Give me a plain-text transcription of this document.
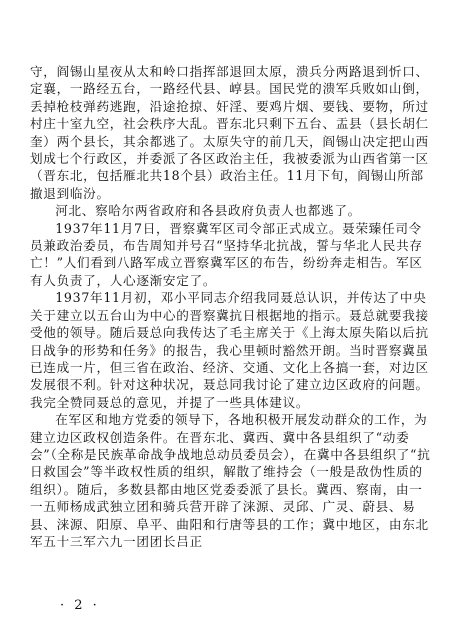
守，阎锡山星夜从太和岭口指挥部退回太原，溃兵分两路退到忻口、定襄，一路经五台，一路经代县、崞县。国民党的溃军兵败如山倒，丢掉枪枝弹药逃跑，沿途抢掠、奸淫、要鸡片烟、要钱、要物，所过村庄十室九空，社会秩序大乱。晋东北只剩下五台、盂县（县长胡仁奎）两个县长，其余都逃了。太原失守的前几天，阎锡山决定把山西划成七个行政区，并委派了各区政治主任，我被委派为山西省第一区（晋东北，包括雁北共18个县）政治主任。11月下旬，阎锡山所部撤退到临汾。

河北、察哈尔两省政府和各县政府负责人也都逃了。

1937年11月7日，晋察冀军区司令部正式成立。聂荣臻任司令员兼政治委员，布告周知并号召“坚持华北抗战，誓与华北人民共存亡！”人们看到八路军成立晋察冀军区的布告，纷纷奔走相告。军区有人负责了，人心逐渐安定了。

1937年11月初，邓小平同志介绍我同聂总认识，并传达了中央关于建立以五台山为中心的晋察冀抗日根据地的指示。聂总就要我接受他的领导。随后聂总向我传达了毛主席关于《上海太原失陷以后抗日战争的形势和任务》的报告，我心里顿时豁然开朗。当时晋察冀虽已连成一片，但三省在政治、经济、交通、文化上各搞一套，对边区发展很不利。针对这种状况，聂总同我讨论了建立边区政府的问题。我完全赞同聂总的意见，并提了一些具体建议。

在军区和地方党委的领导下，各地积极开展发动群众的工作，为建立边区政权创造条件。在晋东北、冀西、冀中各县组织了“动委会”（全称是民族革命战争战地总动员委员会），在冀中各县组织了“抗日救国会”等半政权性质的组织，解散了维持会（一般是敌伪性质的组织）。随后，多数县都由地区党委委派了县长。冀西、察南，由一一五师杨成武独立团和骑兵营开辟了涞源、灵邱、广灵、蔚县、易县、涞源、阳原、阜平、曲阳和行唐等县的工作；冀中地区，由东北军五十三军六九一团团长吕正

· 2 ·
